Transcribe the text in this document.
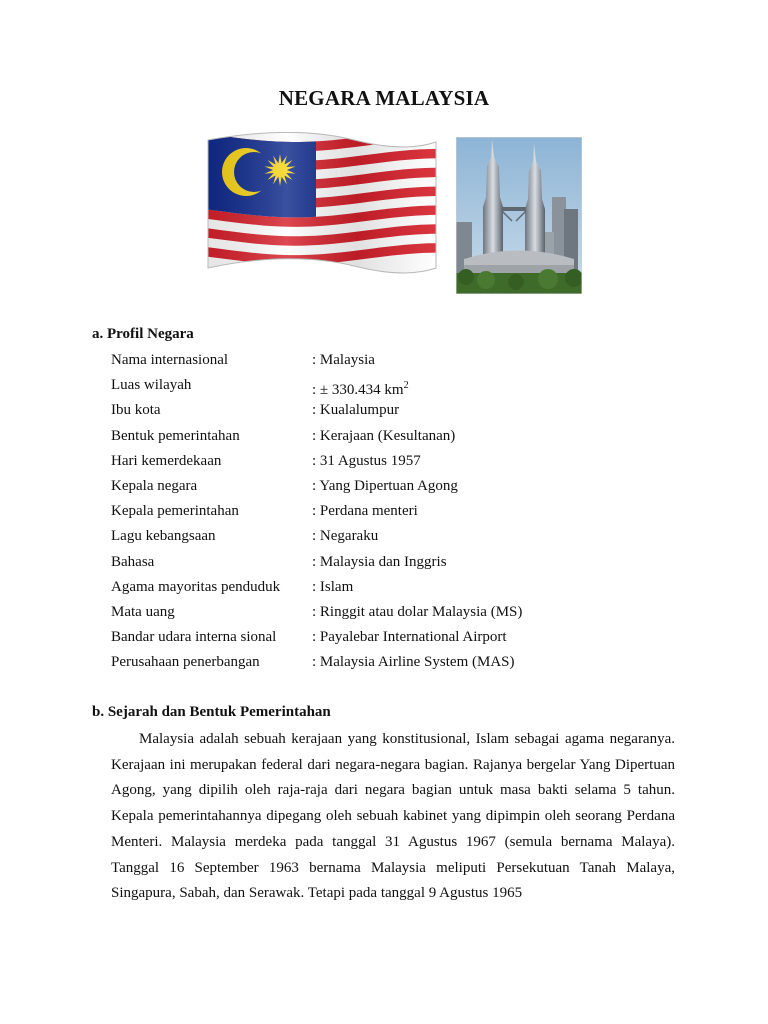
NEGARA MALAYSIA
a. Profil Negara
Nama internasional	: Malaysia
Luas wilayah	: ± 330.434 $km^2$
Ibu kota	: Kualalumpur
Bentuk pemerintahan	: Kerajaan (Kesultanan)
Hari kemerdekaan	: 31 Agustus 1957
Kepala negara	: Yang Dipertuan Agong
Kepala pemerintahan	: Perdana menteri
Lagu kebangsaan	: Negaraku
Bahasa	: Malaysia dan Inggris
Agama mayoritas penduduk	: Islam
Mata uang	: Ringgit atau dolar Malaysia (MS)
Bandar udara interna sional	: Payalebar International Airport
Perusahaan penerbangan	: Malaysia Airline System (MAS)
b. Sejarah dan Bentuk Pemerintahan

Malaysia adalah sebuah kerajaan yang konstitusional, Islam sebagai agama negaranya. Kerajaan ini merupakan federal dari negara-negara bagian. Rajanya bergelar Yang Dipertuan Agong, yang dipilih oleh raja-raja dari negara bagian untuk masa bakti selama 5 tahun. Kepala pemerintahannya dipegang oleh sebuah kabinet yang dipimpin oleh seorang Perdana Menteri. Malaysia merdeka pada tanggal 31 Agustus 1967 (semula bernama Malaya). Tanggal 16 September 1963 bernama Malaysia meliputi Persekutuan Tanah Malaya, Singapura, Sabah, dan Serawak. Tetapi pada tanggal 9 Agustus 1965
